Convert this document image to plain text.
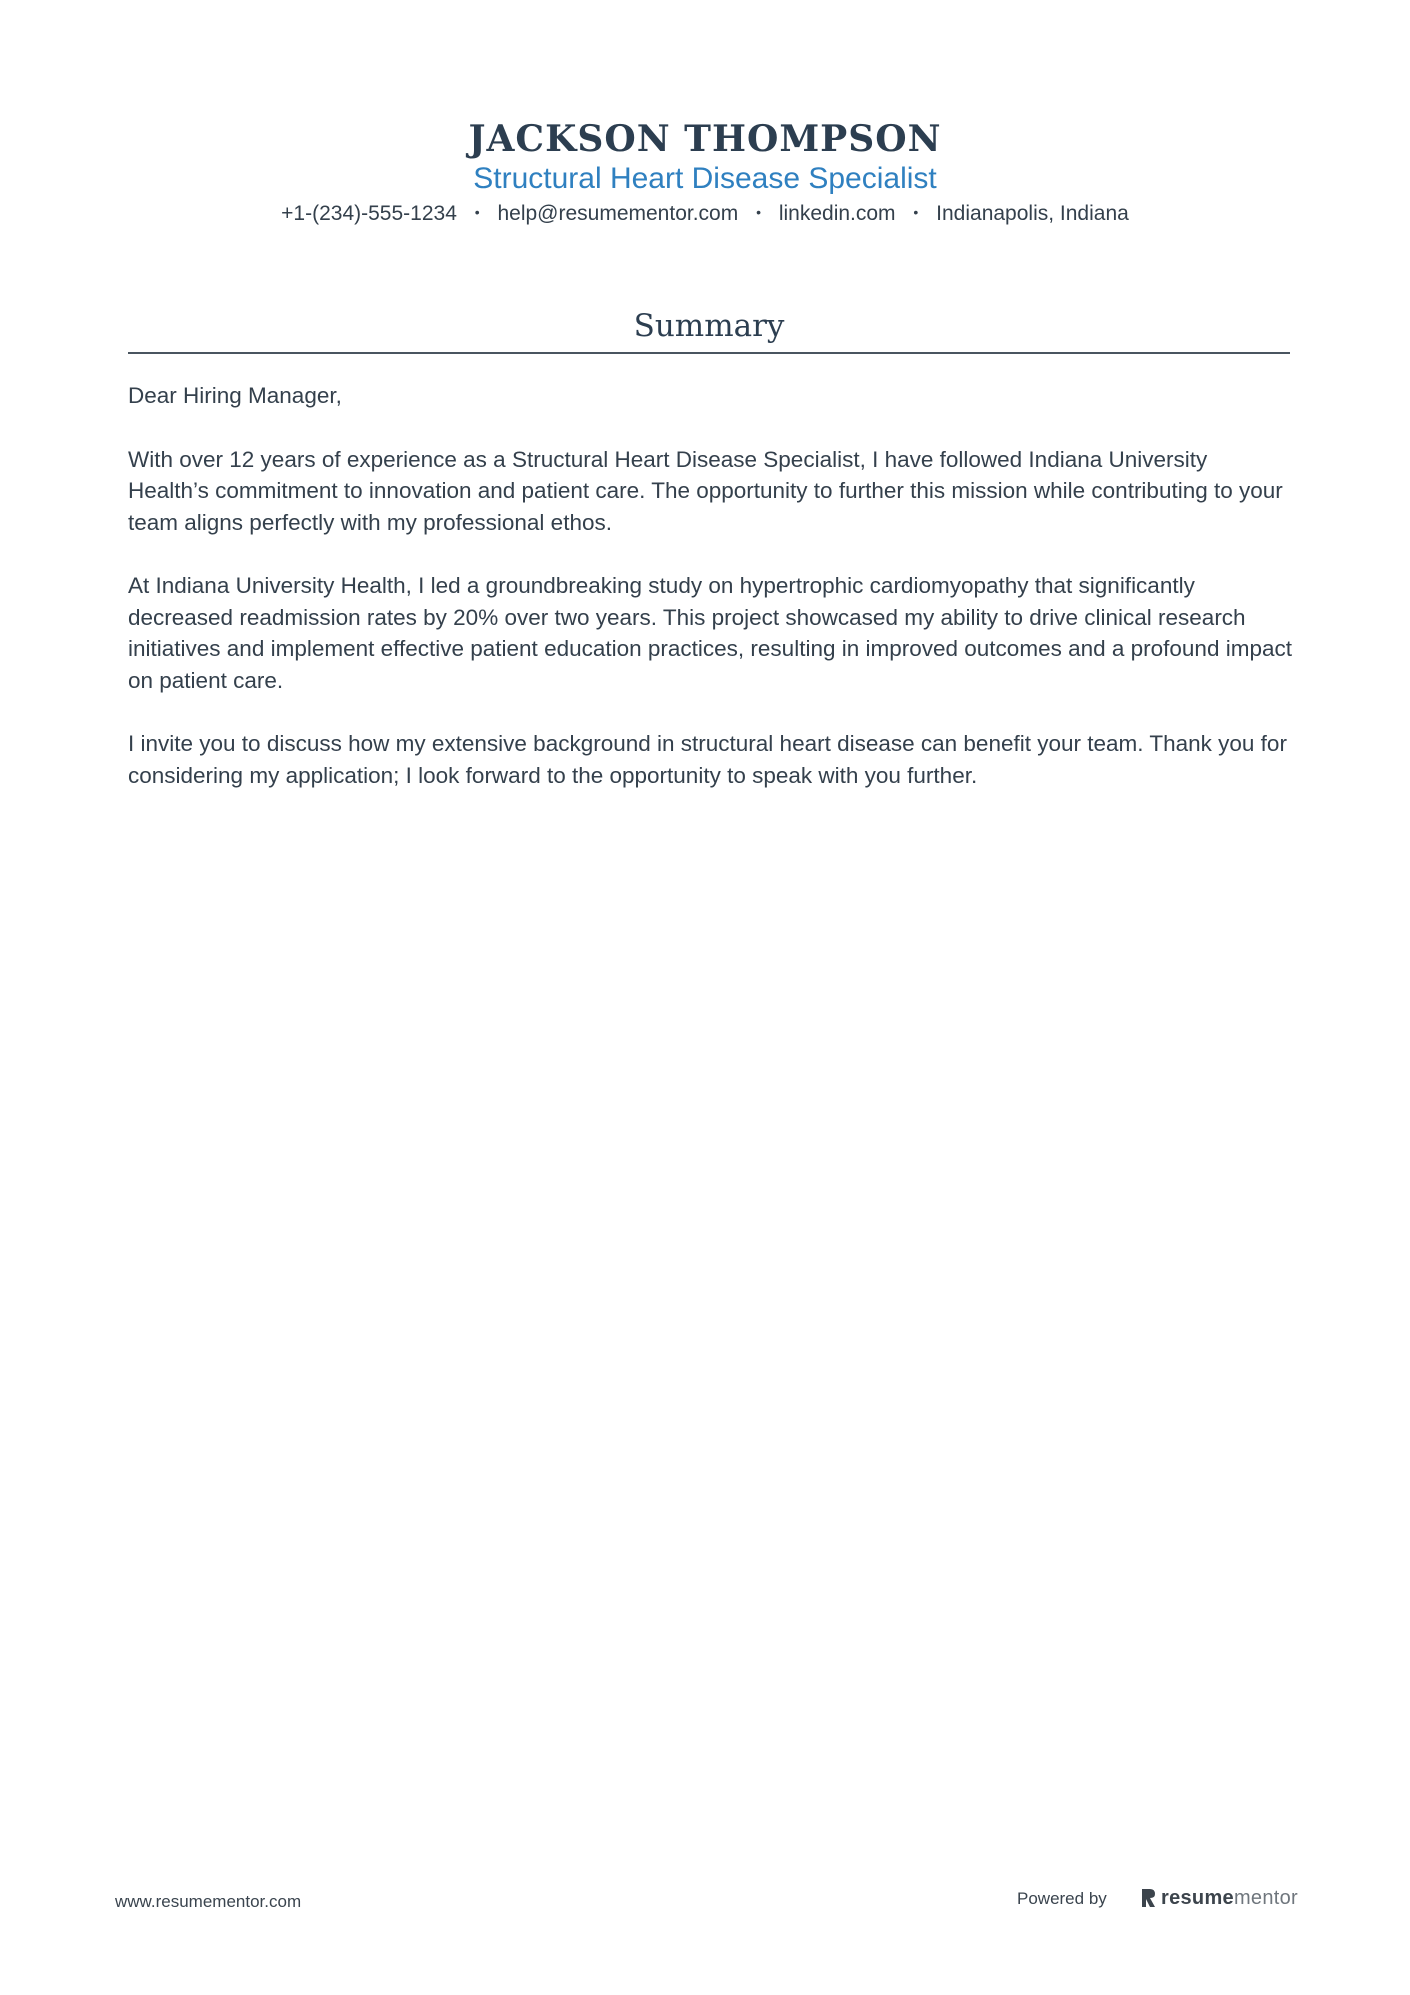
JACKSON THOMPSON
Structural Heart Disease Specialist
+1-(234)-555-1234 • help@resumementor.com • linkedin.com • Indianapolis, Indiana
Summary

Dear Hiring Manager,

With over 12 years of experience as a Structural Heart Disease Specialist, I have followed Indiana University Health’s commitment to innovation and patient care. The opportunity to further this mission while contributing to your team aligns perfectly with my professional ethos.

At Indiana University Health, I led a groundbreaking study on hypertrophic cardiomyopathy that significantly decreased readmission rates by 20% over two years. This project showcased my ability to drive clinical research initiatives and implement effective patient education practices, resulting in improved outcomes and a profound impact on patient care.

I invite you to discuss how my extensive background in structural heart disease can benefit your team. Thank you for considering my application; I look forward to the opportunity to speak with you further.

www.resumementor.com	Powered by	resumementor
